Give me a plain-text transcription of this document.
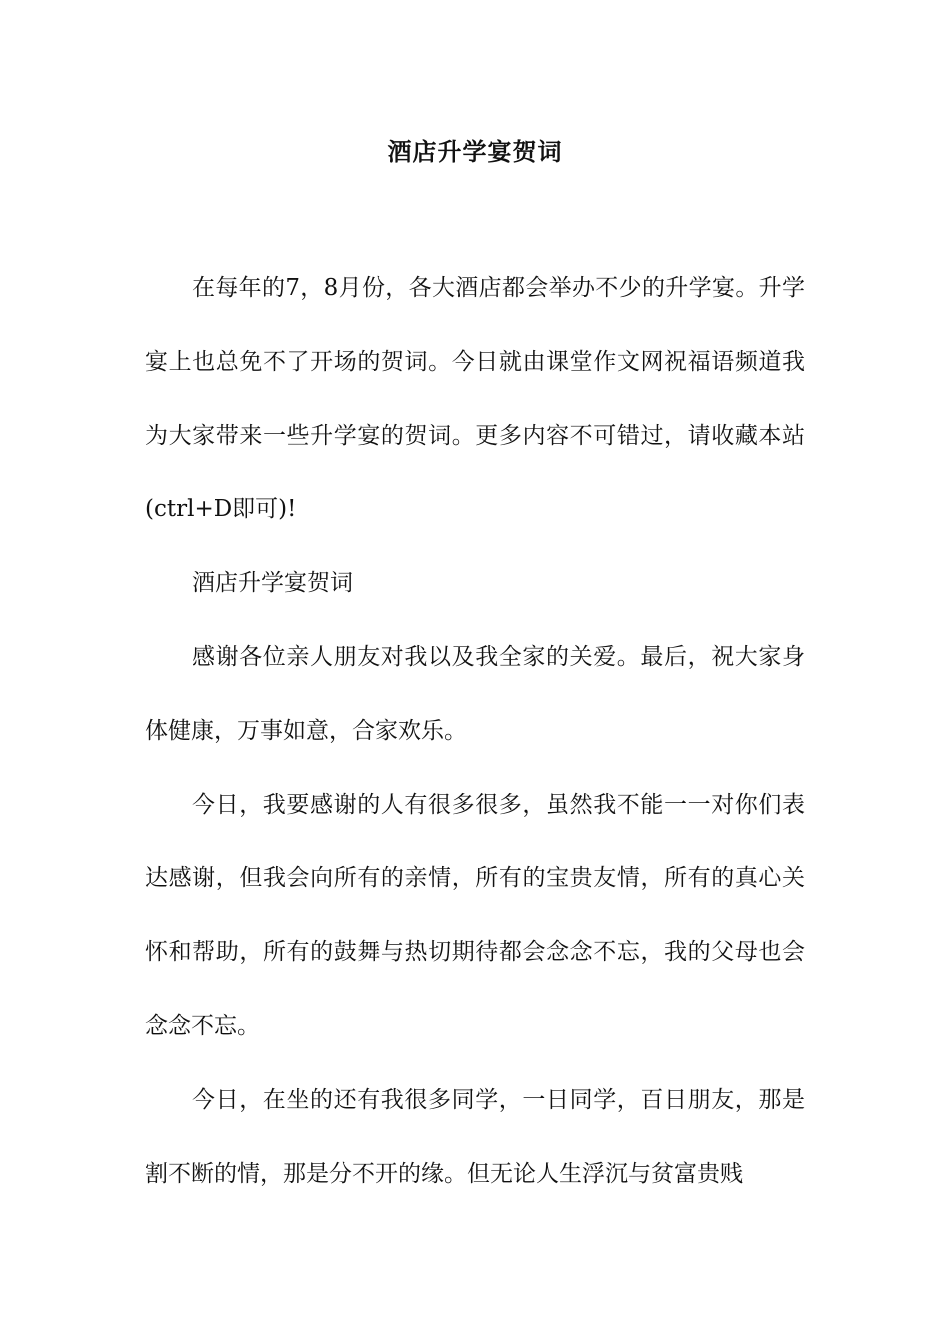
酒店升学宴贺词

在每年的7，8月份，各大酒店都会举办不少的升学宴。升学宴上也总免不了开场的贺词。今日就由课堂作文网祝福语频道我为大家带来一些升学宴的贺词。更多内容不可错过，请收藏本站(ctrl+D即可)!

酒店升学宴贺词

感谢各位亲人朋友对我以及我全家的关爱。最后，祝大家身体健康，万事如意，合家欢乐。

今日，我要感谢的人有很多很多，虽然我不能一一对你们表达感谢，但我会向所有的亲情，所有的宝贵友情，所有的真心关怀和帮助，所有的鼓舞与热切期待都会念念不忘，我的父母也会念念不忘。

今日，在坐的还有我很多同学，一日同学，百日朋友，那是割不断的情，那是分不开的缘。但无论人生浮沉与贫富贵贱
